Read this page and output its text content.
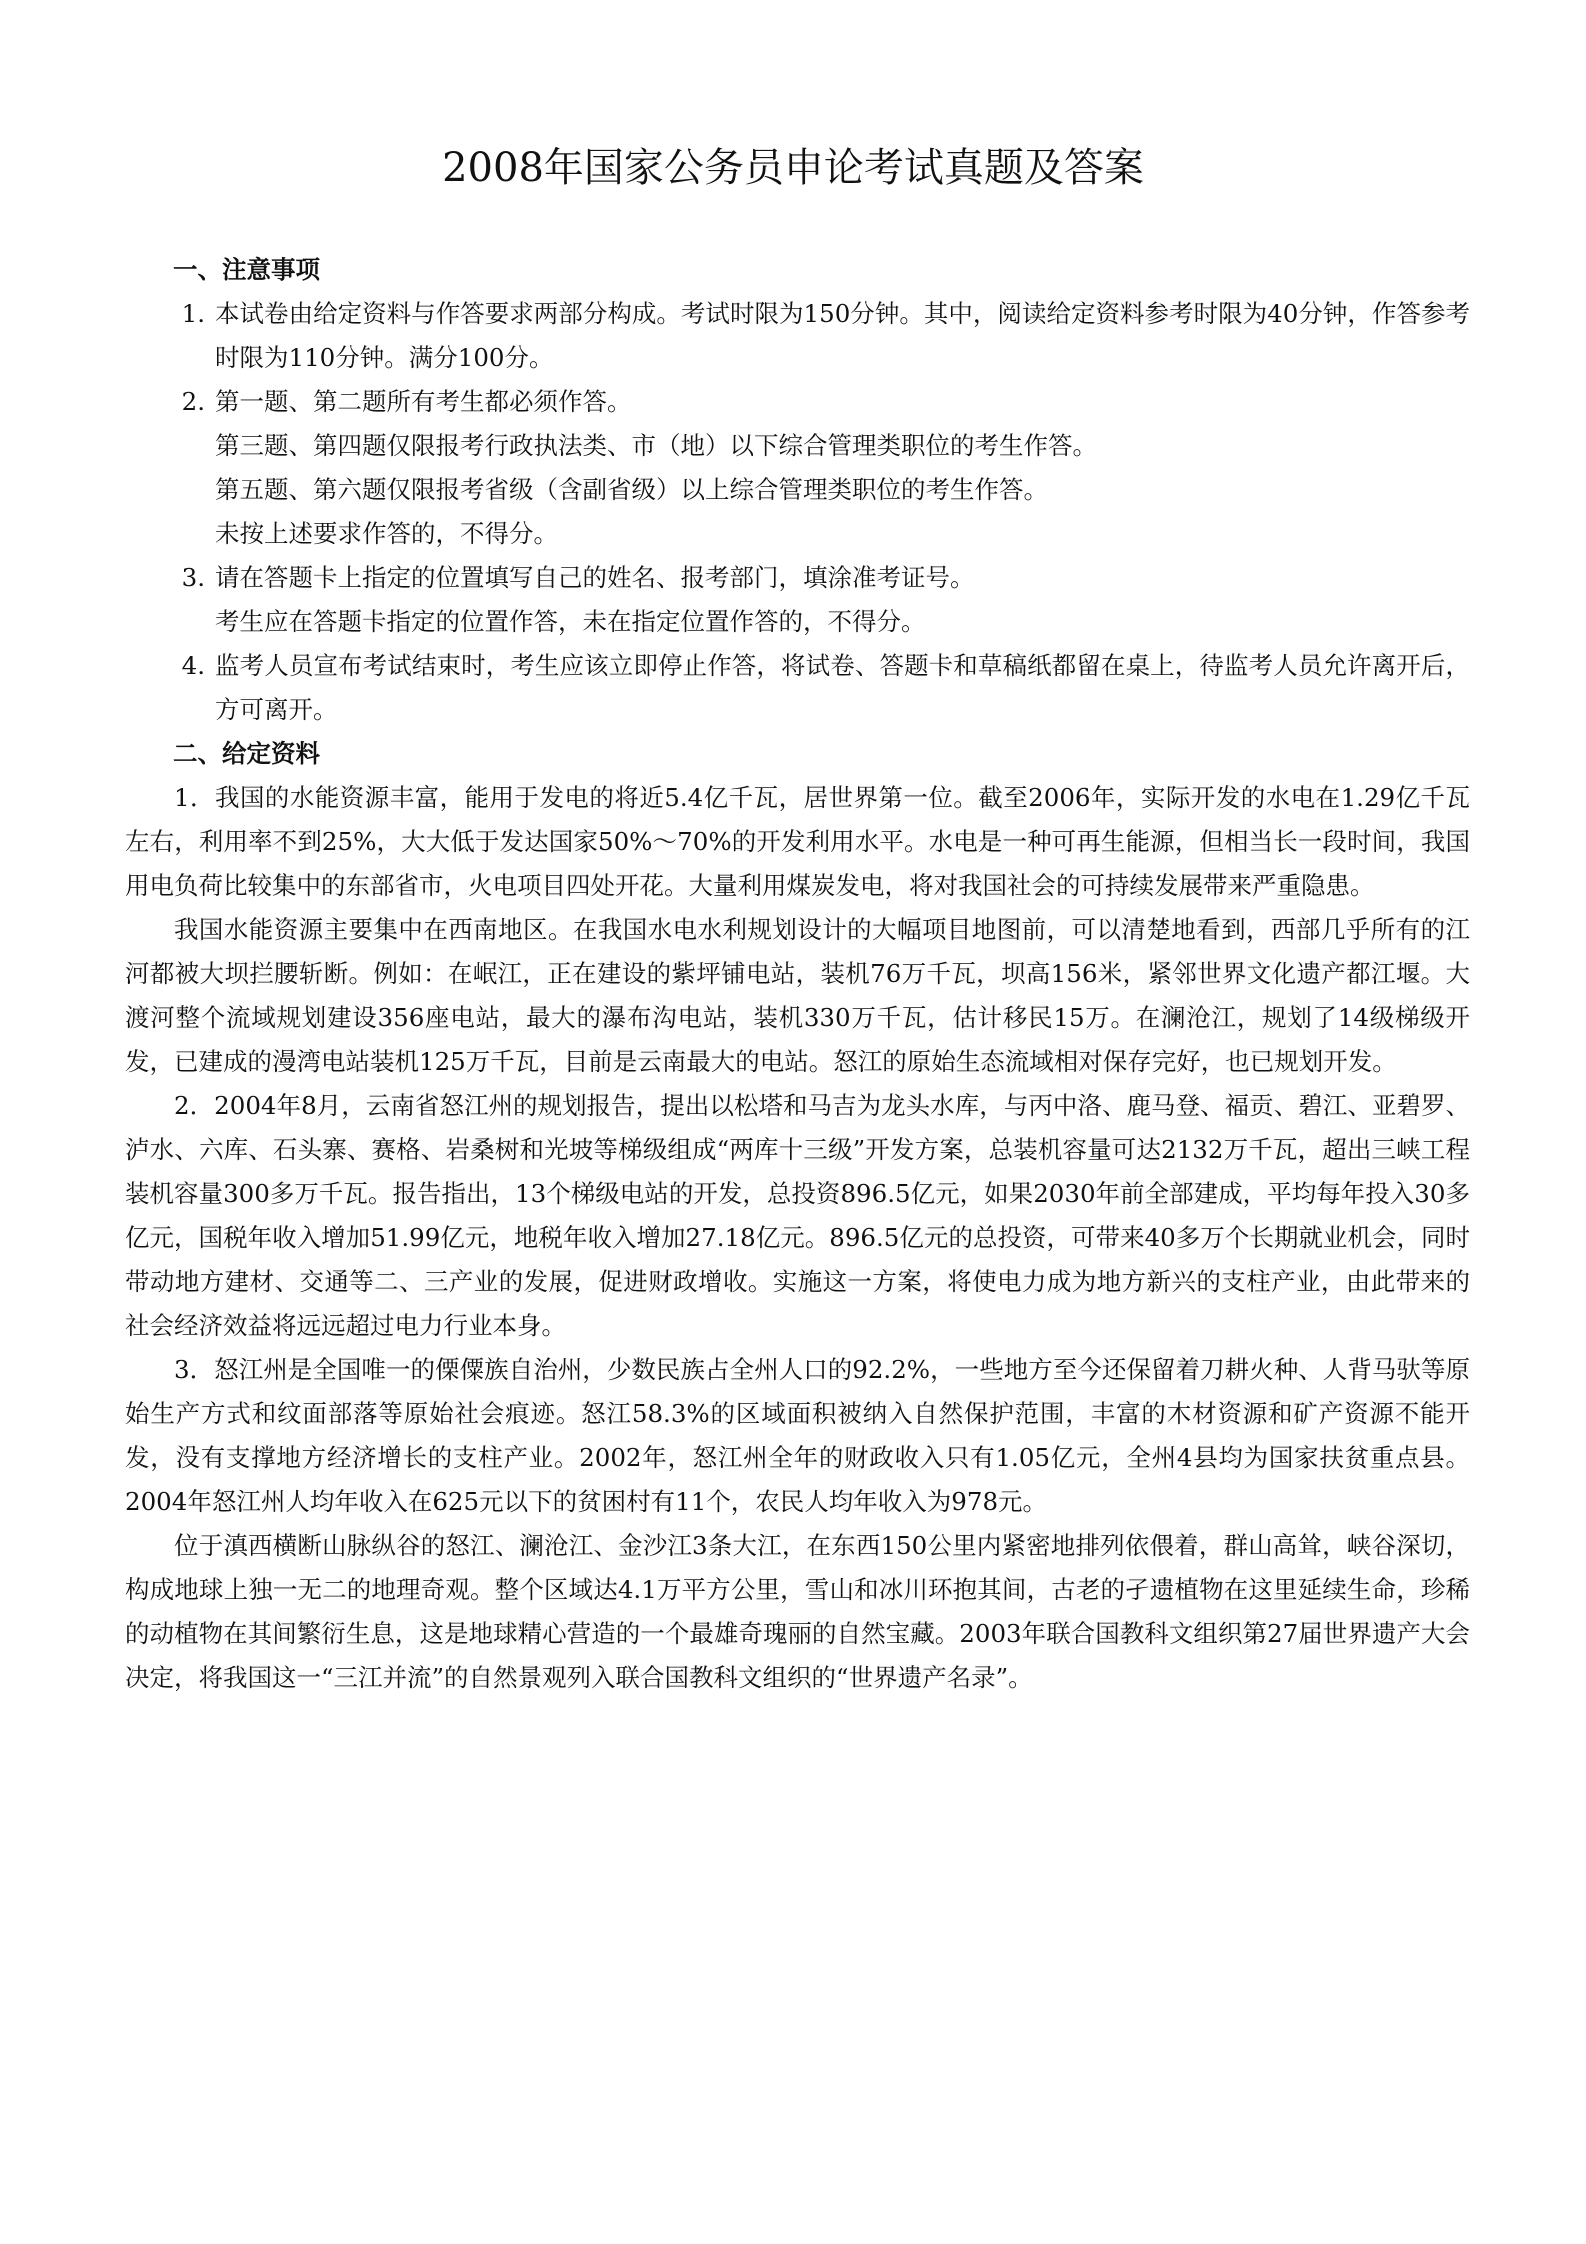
2008年国家公务员申论考试真题及答案

一、注意事项

1. 本试卷由给定资料与作答要求两部分构成。考试时限为150分钟。其中，阅读给定资料参考时限为40分钟，作答参考时限为110分钟。满分100分。
2. 第一题、第二题所有考生都必须作答。

第三题、第四题仅限报考行政执法类、市（地）以下综合管理类职位的考生作答。

第五题、第六题仅限报考省级（含副省级）以上综合管理类职位的考生作答。

未按上述要求作答的，不得分。

3. 请在答题卡上指定的位置填写自己的姓名、报考部门，填涂准考证号。

考生应在答题卡指定的位置作答，未在指定位置作答的，不得分。

4. 监考人员宣布考试结束时，考生应该立即停止作答，将试卷、答题卡和草稿纸都留在桌上，待监考人员允许离开后，方可离开。

二、给定资料

1．我国的水能资源丰富，能用于发电的将近5.4亿千瓦，居世界第一位。截至2006年，实际开发的水电在1.29亿千瓦左右，利用率不到25%，大大低于发达国家50%～70%的开发利用水平。水电是一种可再生能源，但相当长一段时间，我国用电负荷比较集中的东部省市，火电项目四处开花。大量利用煤炭发电，将对我国社会的可持续发展带来严重隐患。

我国水能资源主要集中在西南地区。在我国水电水利规划设计的大幅项目地图前，可以清楚地看到，西部几乎所有的江河都被大坝拦腰斩断。例如：在岷江，正在建设的紫坪铺电站，装机76万千瓦，坝高156米，紧邻世界文化遗产都江堰。大渡河整个流域规划建设356座电站，最大的瀑布沟电站，装机330万千瓦，估计移民15万。在澜沧江，规划了14级梯级开发，已建成的漫湾电站装机125万千瓦，目前是云南最大的电站。怒江的原始生态流域相对保存完好，也已规划开发。

2．2004年8月，云南省怒江州的规划报告，提出以松塔和马吉为龙头水库，与丙中洛、鹿马登、福贡、碧江、亚碧罗、泸水、六库、石头寨、赛格、岩桑树和光坡等梯级组成“两库十三级”开发方案，总装机容量可达2132万千瓦，超出三峡工程装机容量300多万千瓦。报告指出，13个梯级电站的开发，总投资896.5亿元，如果2030年前全部建成，平均每年投入30多亿元，国税年收入增加51.99亿元，地税年收入增加27.18亿元。896.5亿元的总投资，可带来40多万个长期就业机会，同时带动地方建材、交通等二、三产业的发展，促进财政增收。实施这一方案，将使电力成为地方新兴的支柱产业，由此带来的社会经济效益将远远超过电力行业本身。

3．怒江州是全国唯一的傈僳族自治州，少数民族占全州人口的92.2%，一些地方至今还保留着刀耕火种、人背马驮等原始生产方式和纹面部落等原始社会痕迹。怒江58.3%的区域面积被纳入自然保护范围，丰富的木材资源和矿产资源不能开发，没有支撑地方经济增长的支柱产业。2002年，怒江州全年的财政收入只有1.05亿元，全州4县均为国家扶贫重点县。2004年怒江州人均年收入在625元以下的贫困村有11个，农民人均年收入为978元。

位于滇西横断山脉纵谷的怒江、澜沧江、金沙江3条大江，在东西150公里内紧密地排列依偎着，群山高耸，峡谷深切，构成地球上独一无二的地理奇观。整个区域达4.1万平方公里，雪山和冰川环抱其间，古老的孑遗植物在这里延续生命，珍稀的动植物在其间繁衍生息，这是地球精心营造的一个最雄奇瑰丽的自然宝藏。2003年联合国教科文组织第27届世界遗产大会决定，将我国这一“三江并流”的自然景观列入联合国教科文组织的“世界遗产名录”。
